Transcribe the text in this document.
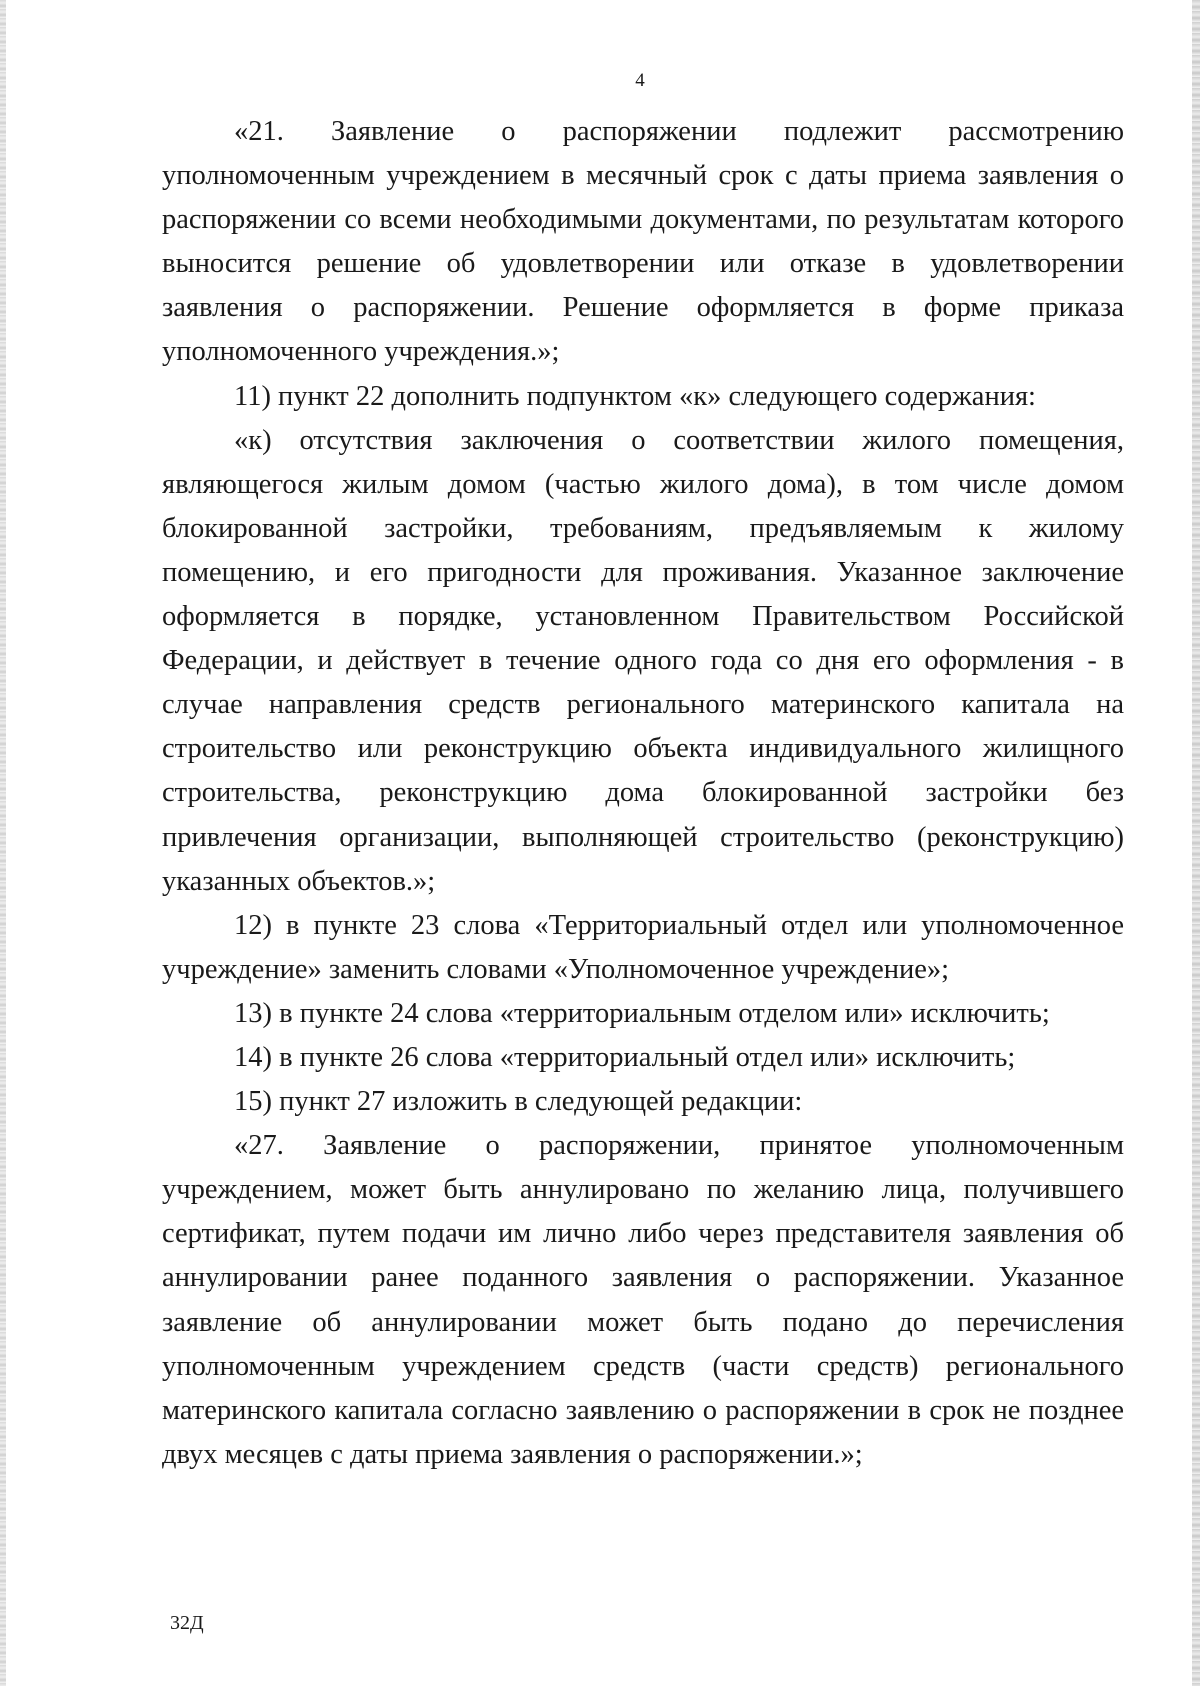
4

«21. Заявление о распоряжении подлежит рассмотрению уполномоченным учреждением в месячный срок с даты приема заявления о распоряжении со всеми необходимыми документами, по результатам которого выносится решение об удовлетворении или отказе в удовлетворении заявления о распоряжении. Решение оформляется в форме приказа уполномоченного учреждения.»;

11) пункт 22 дополнить подпунктом «к» следующего содержания:

«к) отсутствия заключения о соответствии жилого помещения, являющегося жилым домом (частью жилого дома), в том числе домом блокированной застройки, требованиям, предъявляемым к жилому помещению, и его пригодности для проживания. Указанное заключение оформляется в порядке, установленном Правительством Российской Федерации, и действует в течение одного года со дня его оформления - в случае направления средств регионального материнского капитала на строительство или реконструкцию объекта индивидуального жилищного строительства, реконструкцию дома блокированной застройки без привлечения организации, выполняющей строительство (реконструкцию) указанных объектов.»;

12) в пункте 23 слова «Территориальный отдел или уполномоченное учреждение» заменить словами «Уполномоченное учреждение»;

13) в пункте 24 слова «территориальным отделом или» исключить;

14) в пункте 26 слова «территориальный отдел или» исключить;

15) пункт 27 изложить в следующей редакции:

«27. Заявление о распоряжении, принятое уполномоченным учреждением, может быть аннулировано по желанию лица, получившего сертификат, путем подачи им лично либо через представителя заявления об аннулировании ранее поданного заявления о распоряжении. Указанное заявление об аннулировании может быть подано до перечисления уполномоченным учреждением средств (части средств) регионального материнского капитала согласно заявлению о распоряжении в срок не позднее двух месяцев с даты приема заявления о распоряжении.»;

32Д
